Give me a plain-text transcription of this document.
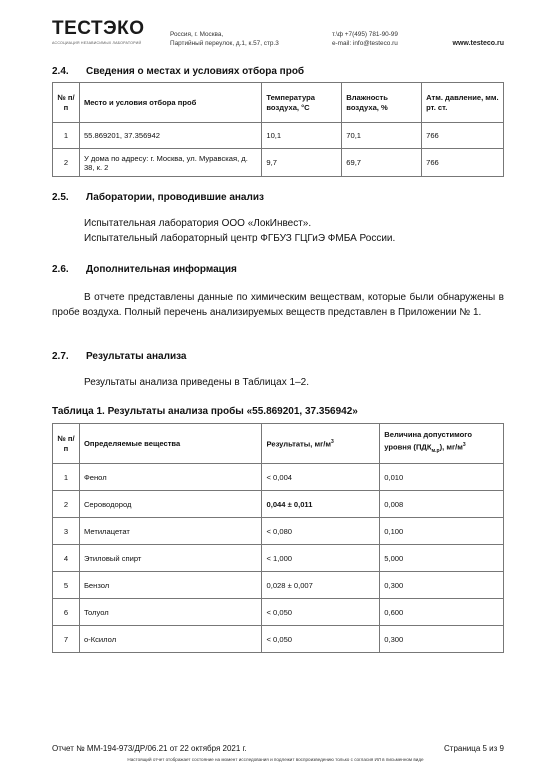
ТЕСТЭКО
АССОЦИАЦИЯ НЕЗАВИСИМЫХ ЛАБОРАТОРИЙ
Россия, г. Москва,
Партийный переулок, д.1, к.57, стр.3
т.\ф +7(495) 781-90-99
e-mail: info@testeco.ru	www.testeco.ru
2.4. Сведения о местах и условиях отбора проб
№ п/п	Место и условия отбора проб	Температура воздуха, °С	Влажность воздуха, %	Атм. давление, мм. рт. ст.
1	55.869201, 37.356942	10,1	70,1	766
2	У дома по адресу: г. Москва, ул. Муравская, д. 38, к. 2	9,7	69,7	766
2.5. Лаборатории, проводившие анализ
Испытательная лаборатория ООО «ЛокИнвест».
Испытательный лабораторный центр ФГБУЗ ГЦГиЭ ФМБА России.
2.6. Дополнительная информация
В отчете представлены данные по химическим веществам, которые были обнаружены в пробе воздуха. Полный перечень анализируемых веществ представлен в Приложении № 1.
2.7. Результаты анализа
Результаты анализа приведены в Таблицах 1–2.
Таблица 1. Результаты анализа пробы «55.869201, 37.356942»
№ п/п	Определяемые вещества	Результаты, $мг/м^3$	Величина допустимого уровня $(ПДК_{м.р})$, $мг/м^3$
1	Фенол	< 0,004	0,010
2	Сероводород	0,044 ± 0,011	0,008
3	Метилацетат	< 0,080	0,100
4	Этиловый спирт	< 1,000	5,000
5	Бензол	0,028 ± 0,007	0,300
6	Толуол	< 0,050	0,600
7	о-Ксилол	< 0,050	0,300
Отчет № ММ-194-973/ДР/06.21 от 22 октября 2021 г.	Страница 5 из 9
Настоящий отчет отображает состояние на момент исследования и подлежит воспроизведению только с согласия ИЛ в письменном виде
